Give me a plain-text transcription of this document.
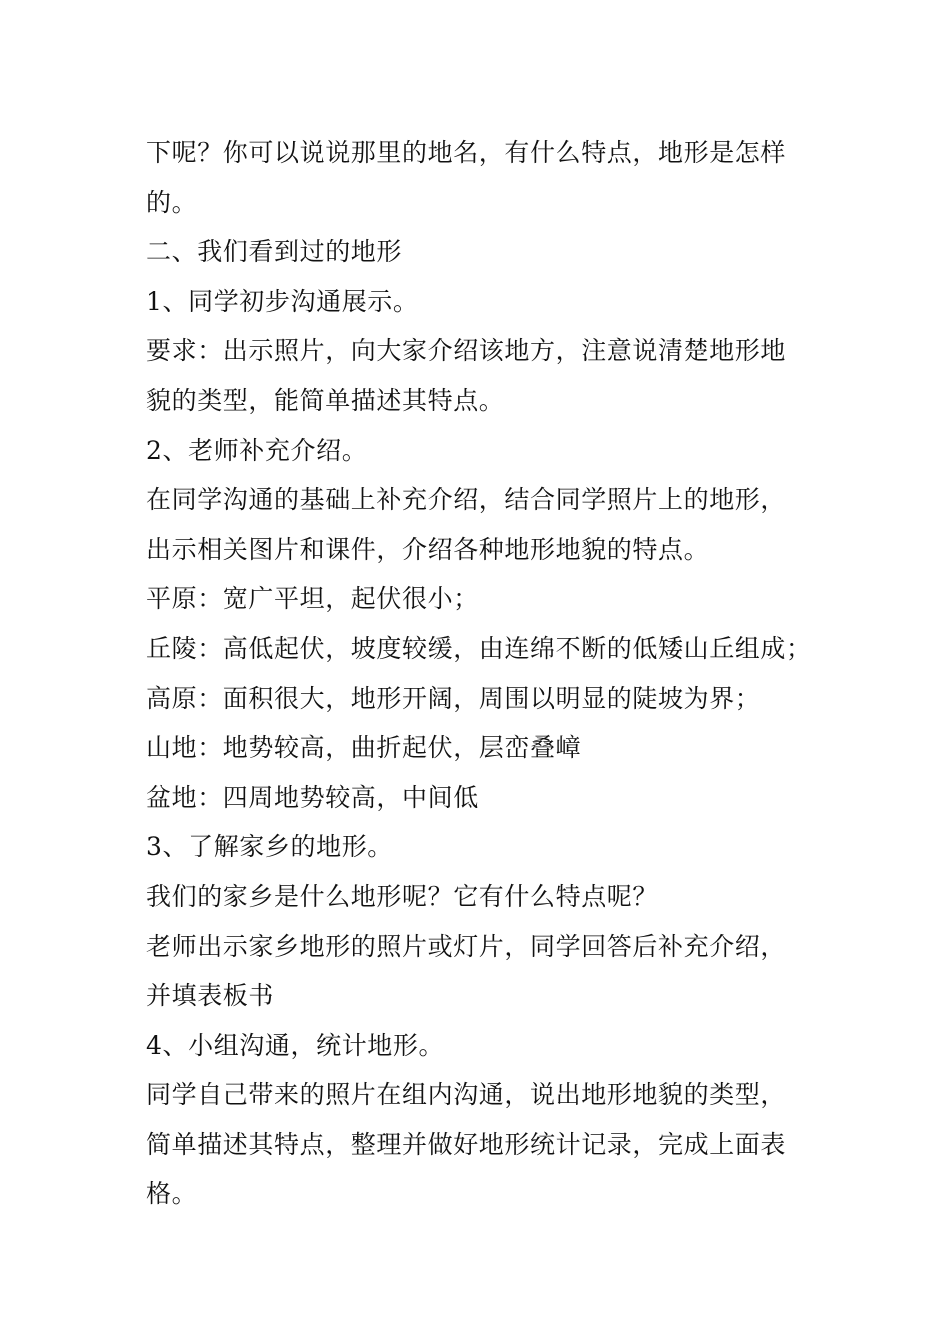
下呢？你可以说说那里的地名，有什么特点，地形是怎样
的。
二、我们看到过的地形
1、同学初步沟通展示。
要求：出示照片，向大家介绍该地方，注意说清楚地形地
貌的类型，能简单描述其特点。
2、老师补充介绍。
在同学沟通的基础上补充介绍，结合同学照片上的地形，
出示相关图片和课件，介绍各种地形地貌的特点。
平原：宽广平坦，起伏很小；
丘陵：高低起伏，坡度较缓，由连绵不断的低矮山丘组成；
高原：面积很大，地形开阔，周围以明显的陡坡为界；
山地：地势较高，曲折起伏，层峦叠嶂
盆地：四周地势较高，中间低
3、了解家乡的地形。
我们的家乡是什么地形呢？它有什么特点呢？
老师出示家乡地形的照片或灯片，同学回答后补充介绍，
并填表板书
4、小组沟通，统计地形。
同学自己带来的照片在组内沟通，说出地形地貌的类型，
简单描述其特点，整理并做好地形统计记录，完成上面表
格。
